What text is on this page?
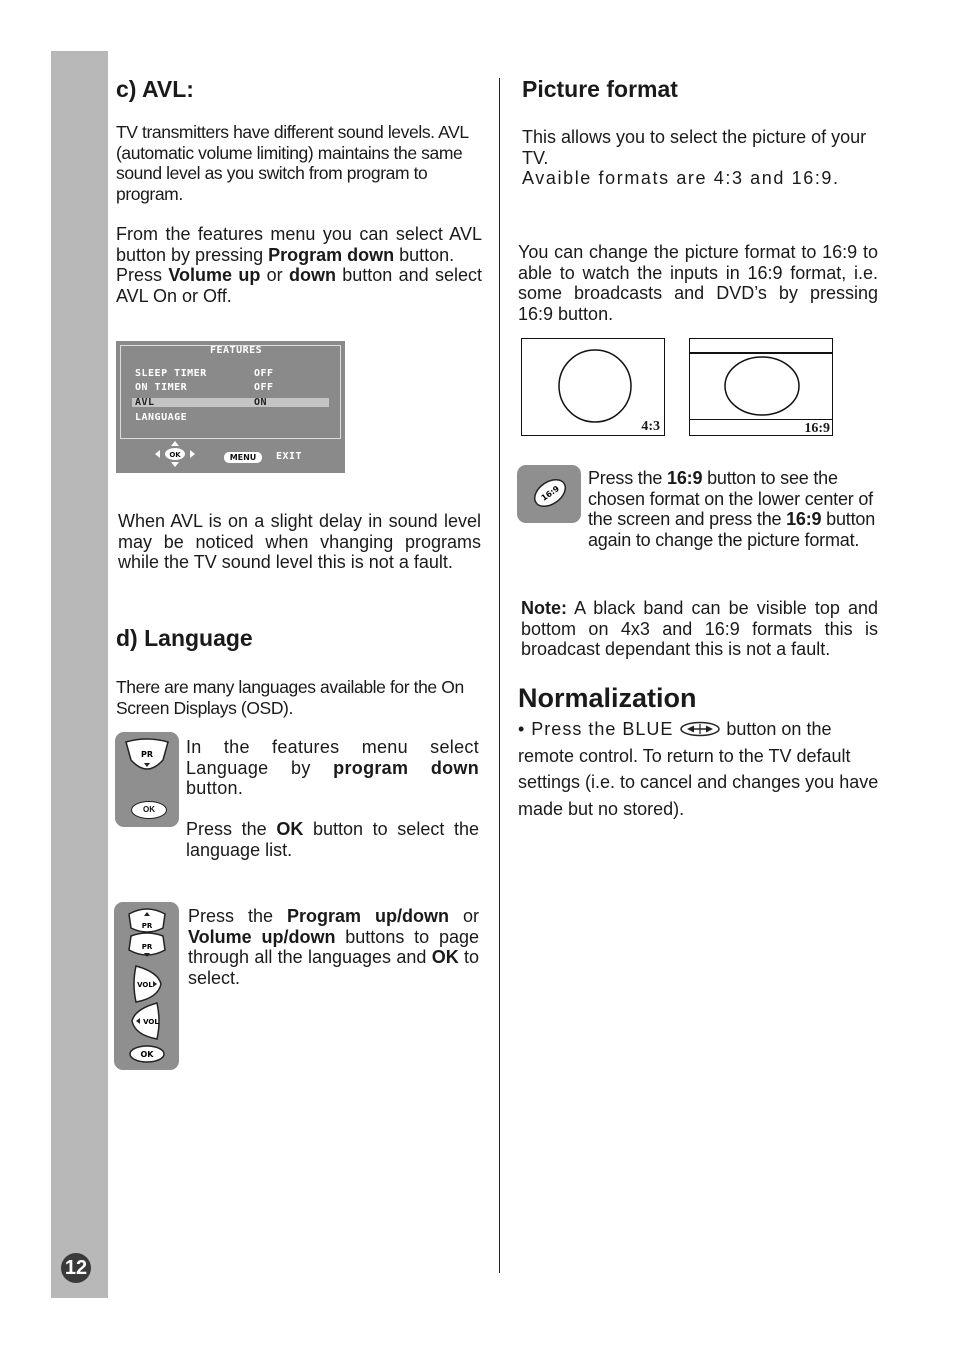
12
c) AVL:

TV transmitters have different sound levels. AVL (automatic volume limiting) maintains the same sound level as you switch from program to program.

From the features menu you can select AVL button by pressing Program down button.
Press Volume up or down button and select AVL On or Off.

FEATURES
SLEEP TIMER	OFF
ON TIMER	OFF
AVL	ON
LANGUAGE
OK	MENU	EXIT

When AVL is on a slight delay in sound level may be noticed when vhanging programs while the TV sound level this is not a fault.

d) Language

There are many languages available for the On Screen Displays (OSD).

PR
OK

In the features menu select Language by program down button.

Press the OK button to select the language list.

PR
PR
VOL
VOL
OK

Press the Program up/down or Volume up/down buttons to page through all the languages and OK to select.

Picture format

This allows you to select the picture of your TV.
Avaible formats are 4:3 and 16:9.

You can change the picture format to 16:9 to able to watch the inputs in 16:9 format, i.e. some broadcasts and DVD’s by pressing 16:9 button.

4:3	16:9
16:9

Press the 16:9 button to see the chosen format on the lower center of the screen and press the 16:9 button again to change the picture format.

Note: A black band can be visible top and bottom on 4x3 and 16:9 formats this is broadcast dependant this is not a fault.

Normalization

• Press the BLUE  button on the remote control. To return to the TV default settings (i.e. to cancel and changes you have made but no stored).
